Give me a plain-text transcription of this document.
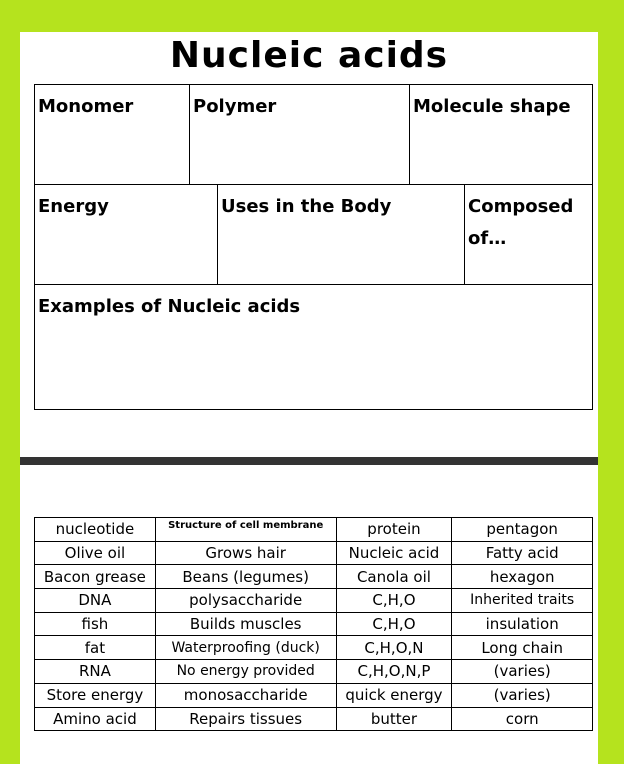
Nucleic acids
Monomer	Polymer	Molecule shape
Energy	Uses in the Body	Composed of…
Examples of Nucleic acids
nucleotide	Structure of cell membrane	protein	pentagon
Olive oil	Grows hair	Nucleic acid	Fatty acid
Bacon grease	Beans (legumes)	Canola oil	hexagon
DNA	polysaccharide	C,H,O	Inherited traits
fish	Builds muscles	C,H,O	insulation
fat	Waterproofing (duck)	C,H,O,N	Long chain
RNA	No energy provided	C,H,O,N,P	(varies)
Store energy	monosaccharide	quick energy	(varies)
Amino acid	Repairs tissues	butter	corn
